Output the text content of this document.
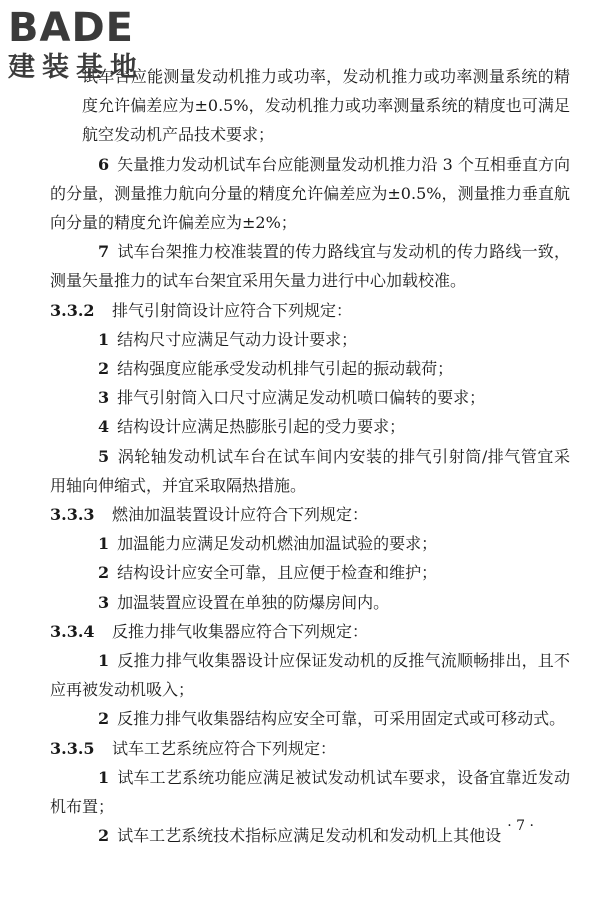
BADE
建装基地

试车台应能测量发动机推力或功率，发动机推力或功率测量系统的精度允许偏差应为±0.5%，发动机推力或功率测量系统的精度也可满足航空发动机产品技术要求；

6 矢量推力发动机试车台应能测量发动机推力沿 3 个互相垂直方向的分量，测量推力航向分量的精度允许偏差应为±0.5%，测量推力垂直航向分量的精度允许偏差应为±2%；

7 试车台架推力校准装置的传力路线宜与发动机的传力路线一致，测量矢量推力的试车台架宜采用矢量力进行中心加载校准。

3.3.2 排气引射筒设计应符合下列规定：

1 结构尺寸应满足气动力设计要求；

2 结构强度应能承受发动机排气引起的振动载荷；

3 排气引射筒入口尺寸应满足发动机喷口偏转的要求；

4 结构设计应满足热膨胀引起的受力要求；

5 涡轮轴发动机试车台在试车间内安装的排气引射筒/排气管宜采用轴向伸缩式，并宜采取隔热措施。

3.3.3 燃油加温装置设计应符合下列规定：

1 加温能力应满足发动机燃油加温试验的要求；

2 结构设计应安全可靠，且应便于检查和维护；

3 加温装置应设置在单独的防爆房间内。

3.3.4 反推力排气收集器应符合下列规定：

1 反推力排气收集器设计应保证发动机的反推气流顺畅排出，且不应再被发动机吸入；

2 反推力排气收集器结构应安全可靠，可采用固定式或可移动式。

3.3.5 试车工艺系统应符合下列规定：

1 试车工艺系统功能应满足被试发动机试车要求，设备宜靠近发动机布置；

2 试车工艺系统技术指标应满足发动机和发动机上其他设

· 7 ·
